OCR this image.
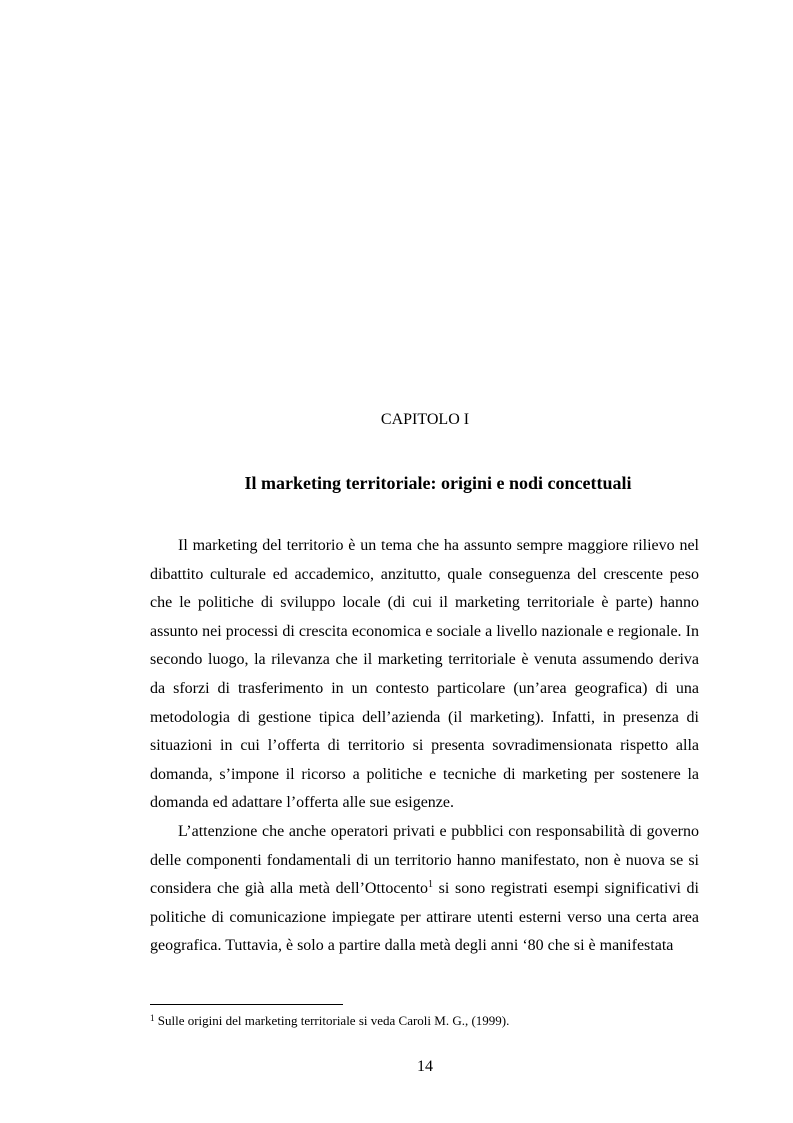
CAPITOLO I
Il marketing territoriale: origini e nodi concettuali

Il marketing del territorio è un tema che ha assunto sempre maggiore rilievo nel dibattito culturale ed accademico, anzitutto, quale conseguenza del crescente peso che le politiche di sviluppo locale (di cui il marketing territoriale è parte) hanno assunto nei processi di crescita economica e sociale a livello nazionale e regionale. In secondo luogo, la rilevanza che il marketing territoriale è venuta assumendo deriva da sforzi di trasferimento in un contesto particolare (un’area geografica) di una metodologia di gestione tipica dell’azienda (il marketing). Infatti, in presenza di situazioni in cui l’offerta di territorio si presenta sovradimensionata rispetto alla domanda, s’impone il ricorso a politiche e tecniche di marketing per sostenere la domanda ed adattare l’offerta alle sue esigenze.

L’attenzione che anche operatori privati e pubblici con responsabilità di governo delle componenti fondamentali di un territorio hanno manifestato, non è nuova se si considera che già alla metà dell’Ottocento$^1$ si sono registrati esempi significativi di politiche di comunicazione impiegate per attirare utenti esterni verso una certa area geografica. Tuttavia, è solo a partire dalla metà degli anni ‘80 che si è manifestata

$^1$ Sulle origini del marketing territoriale si veda Caroli M. G., (1999).
14
